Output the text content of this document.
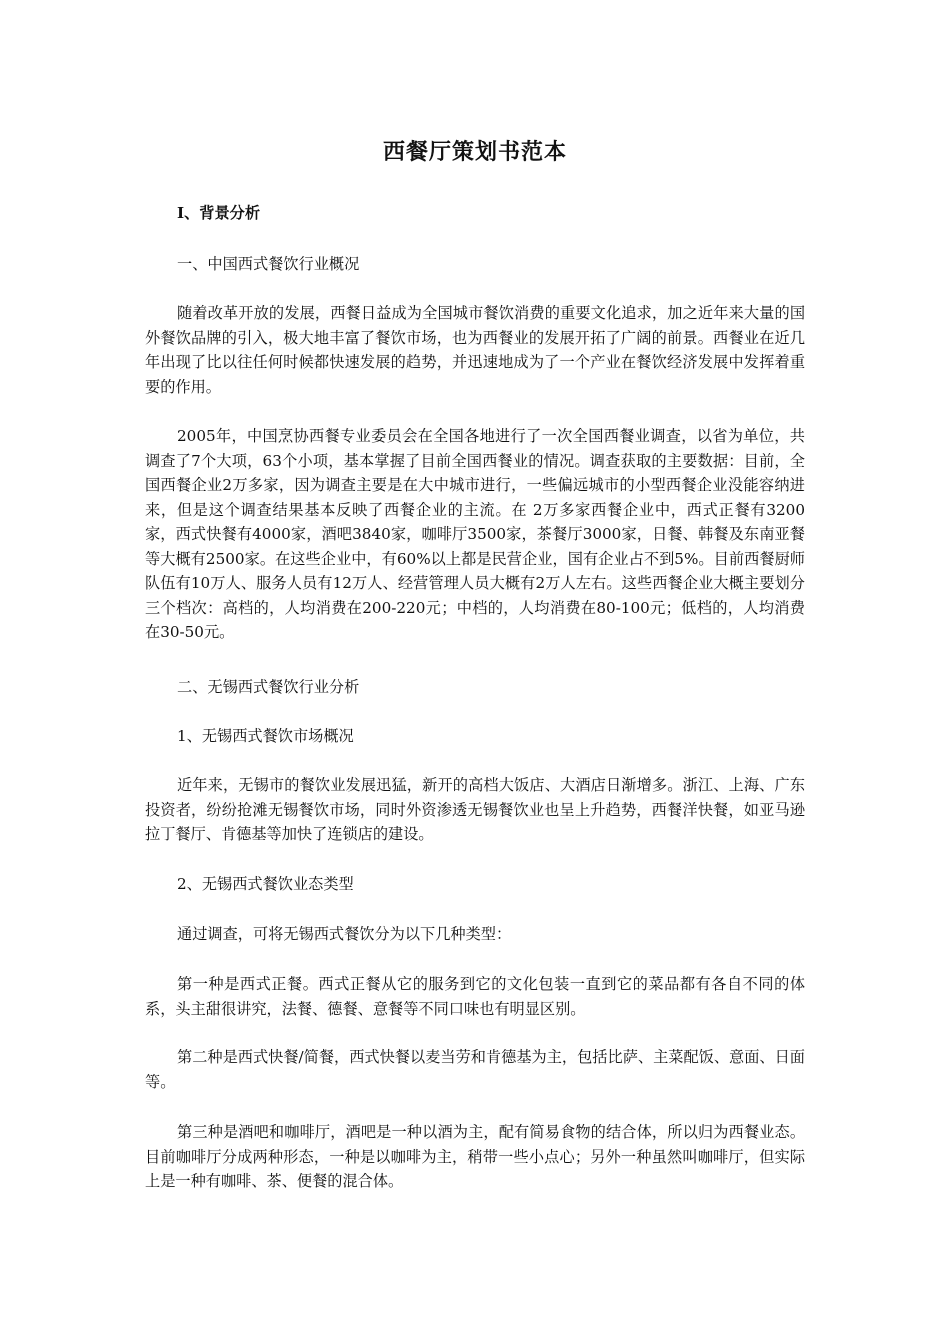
西餐厅策划书范本
Ⅰ、背景分析
一、中国西式餐饮行业概况
随着改革开放的发展，西餐日益成为全国城市餐饮消费的重要文化追求，加之近年来大量的国外餐饮品牌的引入，极大地丰富了餐饮市场，也为西餐业的发展开拓了广阔的前景。西餐业在近几年出现了比以往任何时候都快速发展的趋势，并迅速地成为了一个产业在餐饮经济发展中发挥着重要的作用。
2005年，中国烹协西餐专业委员会在全国各地进行了一次全国西餐业调查，以省为单位，共调查了7个大项，63个小项，基本掌握了目前全国西餐业的情况。调查获取的主要数据：目前，全国西餐企业2万多家，因为调查主要是在大中城市进行，一些偏远城市的小型西餐企业没能容纳进来，但是这个调查结果基本反映了西餐企业的主流。在 2万多家西餐企业中，西式正餐有3200家，西式快餐有4000家，酒吧3840家，咖啡厅3500家，茶餐厅3000家，日餐、韩餐及东南亚餐等大概有2500家。在这些企业中，有60%以上都是民营企业，国有企业占不到5%。目前西餐厨师队伍有10万人、服务人员有12万人、经营管理人员大概有2万人左右。这些西餐企业大概主要划分三个档次：高档的，人均消费在200-220元；中档的，人均消费在80-100元；低档的，人均消费在30-50元。
二、无锡西式餐饮行业分析
1、无锡西式餐饮市场概况
近年来，无锡市的餐饮业发展迅猛，新开的高档大饭店、大酒店日渐增多。浙江、上海、广东投资者，纷纷抢滩无锡餐饮市场，同时外资渗透无锡餐饮业也呈上升趋势，西餐洋快餐，如亚马逊拉丁餐厅、肯德基等加快了连锁店的建设。
2、无锡西式餐饮业态类型
通过调查，可将无锡西式餐饮分为以下几种类型：
第一种是西式正餐。西式正餐从它的服务到它的文化包装一直到它的菜品都有各自不同的体系，头主甜很讲究，法餐、德餐、意餐等不同口味也有明显区别。
第二种是西式快餐/简餐，西式快餐以麦当劳和肯德基为主，包括比萨、主菜配饭、意面、日面等。
第三种是酒吧和咖啡厅，酒吧是一种以酒为主，配有简易食物的结合体，所以归为西餐业态。目前咖啡厅分成两种形态，一种是以咖啡为主，稍带一些小点心；另外一种虽然叫咖啡厅，但实际上是一种有咖啡、茶、便餐的混合体。
